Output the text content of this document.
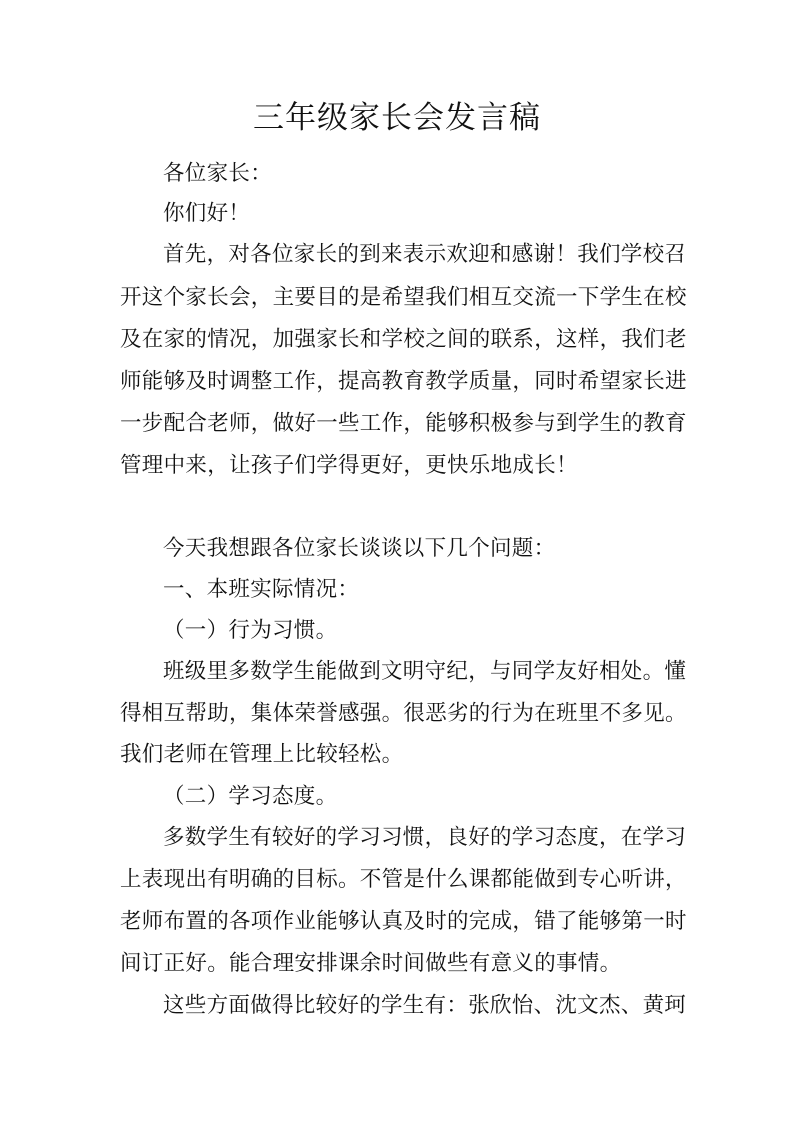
三年级家长会发言稿

各位家长：

你们好！

首先，对各位家长的到来表示欢迎和感谢！我们学校召

开这个家长会，主要目的是希望我们相互交流一下学生在校

及在家的情况，加强家长和学校之间的联系，这样，我们老

师能够及时调整工作，提高教育教学质量，同时希望家长进

一步配合老师，做好一些工作，能够积极参与到学生的教育

管理中来，让孩子们学得更好，更快乐地成长！

今天我想跟各位家长谈谈以下几个问题：

一、本班实际情况：

（一）行为习惯。

班级里多数学生能做到文明守纪，与同学友好相处。懂

得相互帮助，集体荣誉感强。很恶劣的行为在班里不多见。

我们老师在管理上比较轻松。

（二）学习态度。

多数学生有较好的学习习惯，良好的学习态度，在学习

上表现出有明确的目标。不管是什么课都能做到专心听讲，

老师布置的各项作业能够认真及时的完成，错了能够第一时

间订正好。能合理安排课余时间做些有意义的事情。

这些方面做得比较好的学生有：张欣怡、沈文杰、黄珂
